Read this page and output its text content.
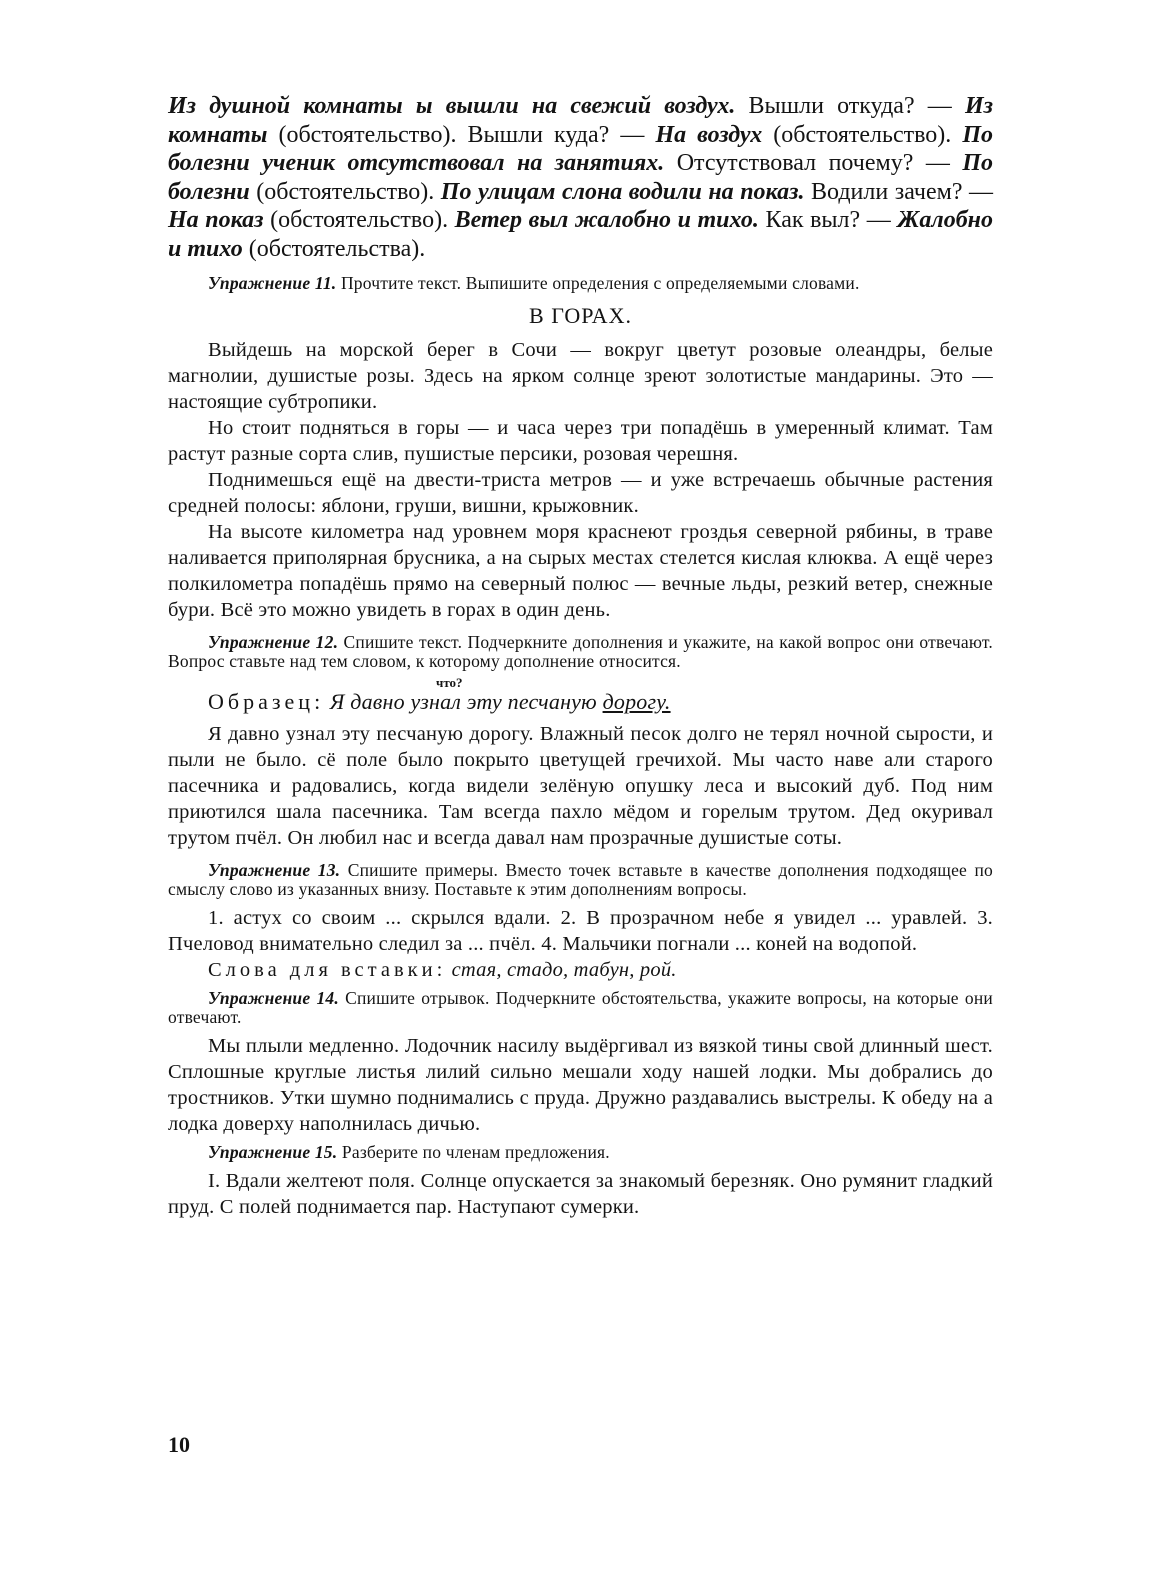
Из душной комнаты ы вышли на свежий воздух. Вышли откуда? — Из комнаты (обстоятельство). Вышли куда? — На воздух (обстоятельство). По болезни ученик отсутствовал на занятиях. Отсутствовал почему? — По болезни (обстоятельство). По улицам слона водили на показ. Водили зачем? — На показ (обстоятельство). Ветер выл жалобно и тихо. Как выл? — Жалобно и тихо (обстоятельства).

Упражнение 11. Прочтите текст. Выпишите определения с определяемыми словами.

В ГОРАХ.

Выйдешь на морской берег в Сочи — вокруг цветут розовые олеандры, белые магнолии, душистые розы. Здесь на ярком солнце зреют золотистые мандарины. Это — настоящие субтропики.

Но стоит подняться в горы — и часа через три попадёшь в умеренный климат. Там растут разные сорта слив, пушистые персики, розовая черешня.

Поднимешься ещё на двести-триста метров — и уже встречаешь обычные растения средней полосы: яблони, груши, вишни, крыжовник.

На высоте километра над уровнем моря краснеют гроздья северной рябины, в траве наливается приполярная брусника, а на сырых местах стелется кислая клюква. А ещё через полкилометра попадёшь прямо на северный полюс — вечные льды, резкий ветер, снежные бури. Всё это можно увидеть в горах в один день.

Упражнение 12. Спишите текст. Подчеркните дополнения и укажите, на какой вопрос они отвечают. Вопрос ставьте над тем словом, к которому дополнение относится.

что?

Образец: Я давно узнал эту песчаную дорогу.

Я давно узнал эту песчаную дорогу. Влажный песок долго не терял ночной сырости, и пыли не было. сё поле было покрыто цветущей гречихой. Мы часто наве али старого пасечника и радовались, когда видели зелёную опушку леса и высокий дуб. Под ним приютился шала пасечника. Там всегда пахло мёдом и горелым трутом. Дед окуривал трутом пчёл. Он любил нас и всегда давал нам прозрачные душистые соты.

Упражнение 13. Спишите примеры. Вместо точек вставьте в качестве дополнения подходящее по смыслу слово из указанных внизу. Поставьте к этим дополнениям вопросы.

1. астух со своим ... скрылся вдали. 2. В прозрачном небе я увидел ... уравлей. 3. Пчеловод внимательно следил за ... пчёл. 4. Мальчики погнали ... коней на водопой.

Слова для вставки: стая, стадо, табун, рой.

Упражнение 14. Спишите отрывок. Подчеркните обстоятельства, укажите вопросы, на которые они отвечают.

Мы плыли медленно. Лодочник насилу выдёргивал из вязкой тины свой длинный шест. Сплошные круглые листья лилий сильно мешали ходу нашей лодки. Мы добрались до тростников. Утки шумно поднимались с пруда. Дружно раздавались выстрелы. К обеду на а лодка доверху наполнилась дичью.

Упражнение 15. Разберите по членам предложения.

I. Вдали желтеют поля. Солнце опускается за знакомый березняк. Оно румянит гладкий пруд. С полей поднимается пар. Наступают сумерки.

10
